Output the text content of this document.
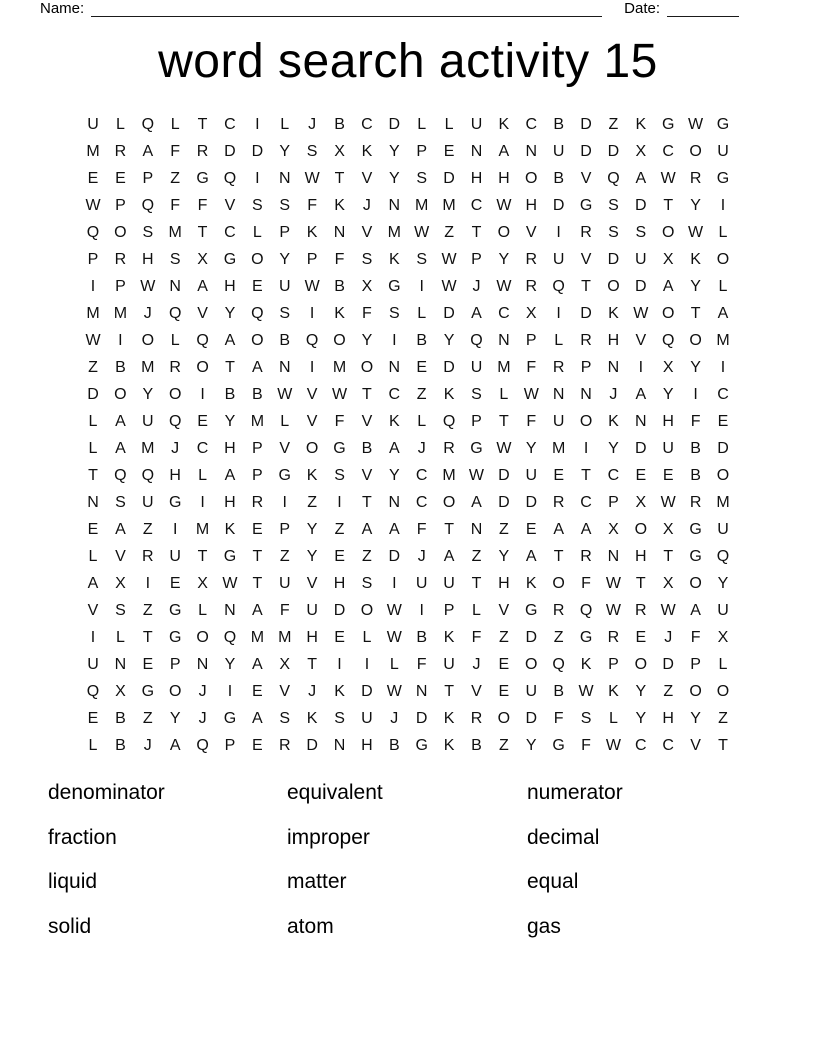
Name:	Date:
word search activity 15
U L Q L T C I L J B C D L L U K C B D Z K G W G
M R A F R D D Y S X K Y P E N A N U D D X C O U
E E P Z G Q I N W T V Y S D H H O B V Q A W R G
W P Q F F V S S F K J N M M C W H D G S D T Y I
Q O S M T C L P K N V M W Z T O V I R S S O W L
P R H S X G O Y P F S K S W P Y R U V D U X K O
I P W N A H E U W B X G I W J W R Q T O D A Y L
M M J Q V Y Q S I K F S L D A C X I D K W O T A
W I O L Q A O B Q O Y I B Y Q N P L R H V Q O M
Z B M R O T A N I M O N E D U M F R P N I X Y I
D O Y O I B B W V W T C Z K S L W N N J A Y I C
L A U Q E Y M L V F V K L Q P T F U O K N H F E
L A M J C H P V O G B A J R G W Y M I Y D U B D
T Q Q H L A P G K S V Y C M W D U E T C E E B O
N S U G I H R I Z I T N C O A D D R C P X W R M
E A Z I M K E P Y Z A A F T N Z E A A X O X G U
L V R U T G T Z Y E Z D J A Z Y A T R N H T G Q
A X I E X W T U V H S I U U T H K O F W T X O Y
V S Z G L N A F U D O W I P L V G R Q W R W A U
I L T G O Q M M H E L W B K F Z D Z G R E J F X
U N E P N Y A X T I I L F U J E O Q K P O D P L
Q X G O J I E V J K D W N T V E U B W K Y Z O O
E B Z Y J G A S K S U J D K R O D F S L Y H Y Z
L B J A Q P E R D N H B G K B Z Y G F W C C V T
denominator	equivalent	numerator
fraction	improper	decimal
liquid	matter	equal
solid	atom	gas
